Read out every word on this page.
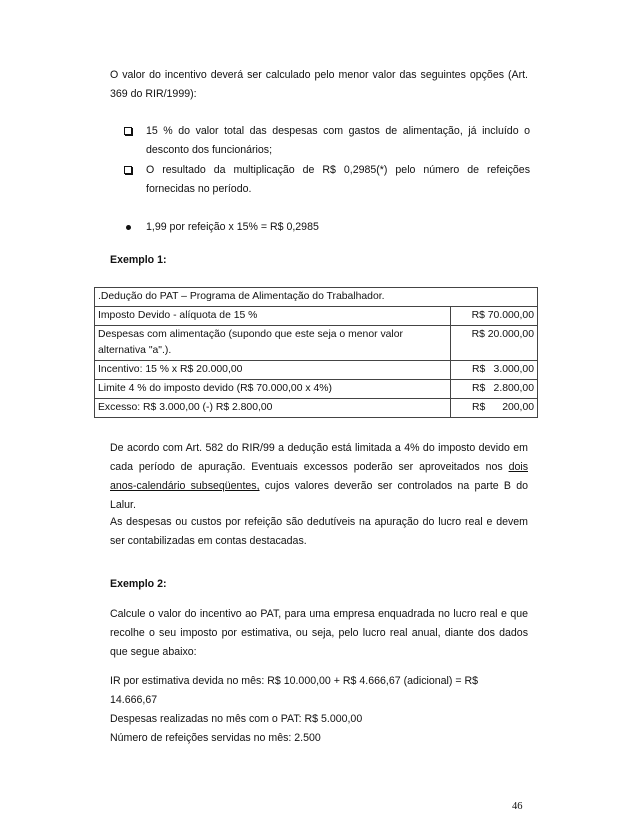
O valor do incentivo deverá ser calculado pelo menor valor das seguintes opções (Art. 369 do RIR/1999):
15 % do valor total das despesas com gastos de alimentação, já incluído o desconto dos funcionários;
O resultado da multiplicação de R$ 0,2985(*) pelo número de refeições fornecidas no período.
1,99 por refeição x 15% = R$ 0,2985
Exemplo 1:
.Dedução do PAT – Programa de Alimentação do Trabalhador.	
Imposto Devido - alíquota de 15 %	R$ 70.000,00
Despesas com alimentação (supondo que este seja o menor valor alternativa "a".).	R$ 20.000,00
Incentivo: 15 % x R$ 20.000,00	R$ 3.000,00

Limite 4 % do imposto devido (R$ 70.000,00 x 4%)	R$ 2.800,00

Excesso: R$ 3.000,00 (-) R$ 2.800,00	R$ 200,00
De acordo com Art. 582 do RIR/99 a dedução está limitada a 4% do imposto devido em cada período de apuração. Eventuais excessos poderão ser aproveitados nos dois anos-calendário subseqüentes, cujos valores deverão ser controlados na parte B do Lalur.
As despesas ou custos por refeição são dedutíveis na apuração do lucro real e devem ser contabilizadas em contas destacadas.
Exemplo 2:
Calcule o valor do incentivo ao PAT, para uma empresa enquadrada no lucro real e que recolhe o seu imposto por estimativa, ou seja, pelo lucro real anual, diante dos dados que segue abaixo:
IR por estimativa devida no mês: R$ 10.000,00 + R$ 4.666,67 (adicional) = R$ 14.666,67
Despesas realizadas no mês com o PAT: R$ 5.000,00
Número de refeições servidas no mês: 2.500
46
